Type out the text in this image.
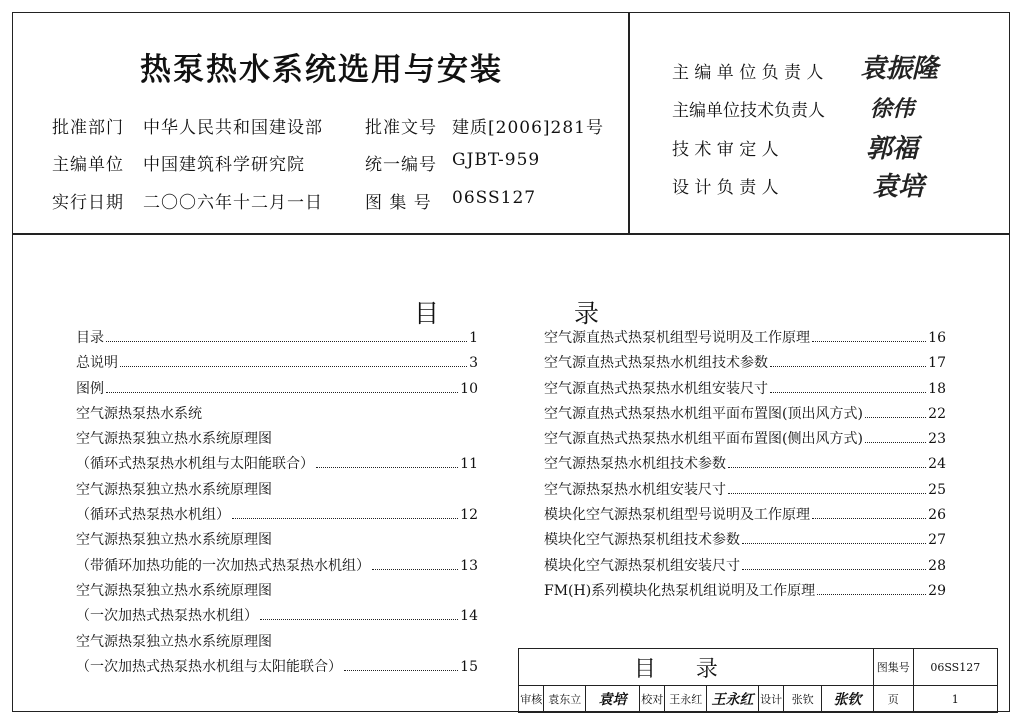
热泵热水系统选用与安装
批准部门 中华人民共和国建设部
主编单位 中国建筑科学研究院
实行日期 二〇〇六年十二月一日
批准文号 建质[2006]281号
统一编号 GJBT-959
图 集 号 06SS127
主 编 单 位 负 责 人 袁振隆
主编单位技术负责人 徐伟
技 术 审 定 人	郭福
设 计 负 责 人	袁培
目	录
目录	1
总说明	3
图例	10
空气源热泵热水系统
空气源热泵独立热水系统原理图
（循环式热泵热水机组与太阳能联合）	11
空气源热泵独立热水系统原理图
（循环式热泵热水机组）	12
空气源热泵独立热水系统原理图
（带循环加热功能的一次加热式热泵热水机组）	13
空气源热泵独立热水系统原理图
（一次加热式热泵热水机组）	14
空气源热泵独立热水系统原理图
（一次加热式热泵热水机组与太阳能联合）	15
空气源直热式热泵机组型号说明及工作原理	16
空气源直热式热泵热水机组技术参数	17
空气源直热式热泵热水机组安装尺寸	18
空气源直热式热泵热水机组平面布置图(顶出风方式)	22
空气源直热式热泵热水机组平面布置图(侧出风方式)	23
空气源热泵热水机组技术参数	24
空气源热泵热水机组安装尺寸	25
模块化空气源热泵机组型号说明及工作原理	26
模块化空气源热泵机组技术参数	27
模块化空气源热泵机组安装尺寸	28
FM(H)系列模块化热泵机组说明及工作原理	29
目录									图集号	06SS127
审核	袁东立	袁培	校对	王永红	王永红	设计	张钦	张钦	页	1
